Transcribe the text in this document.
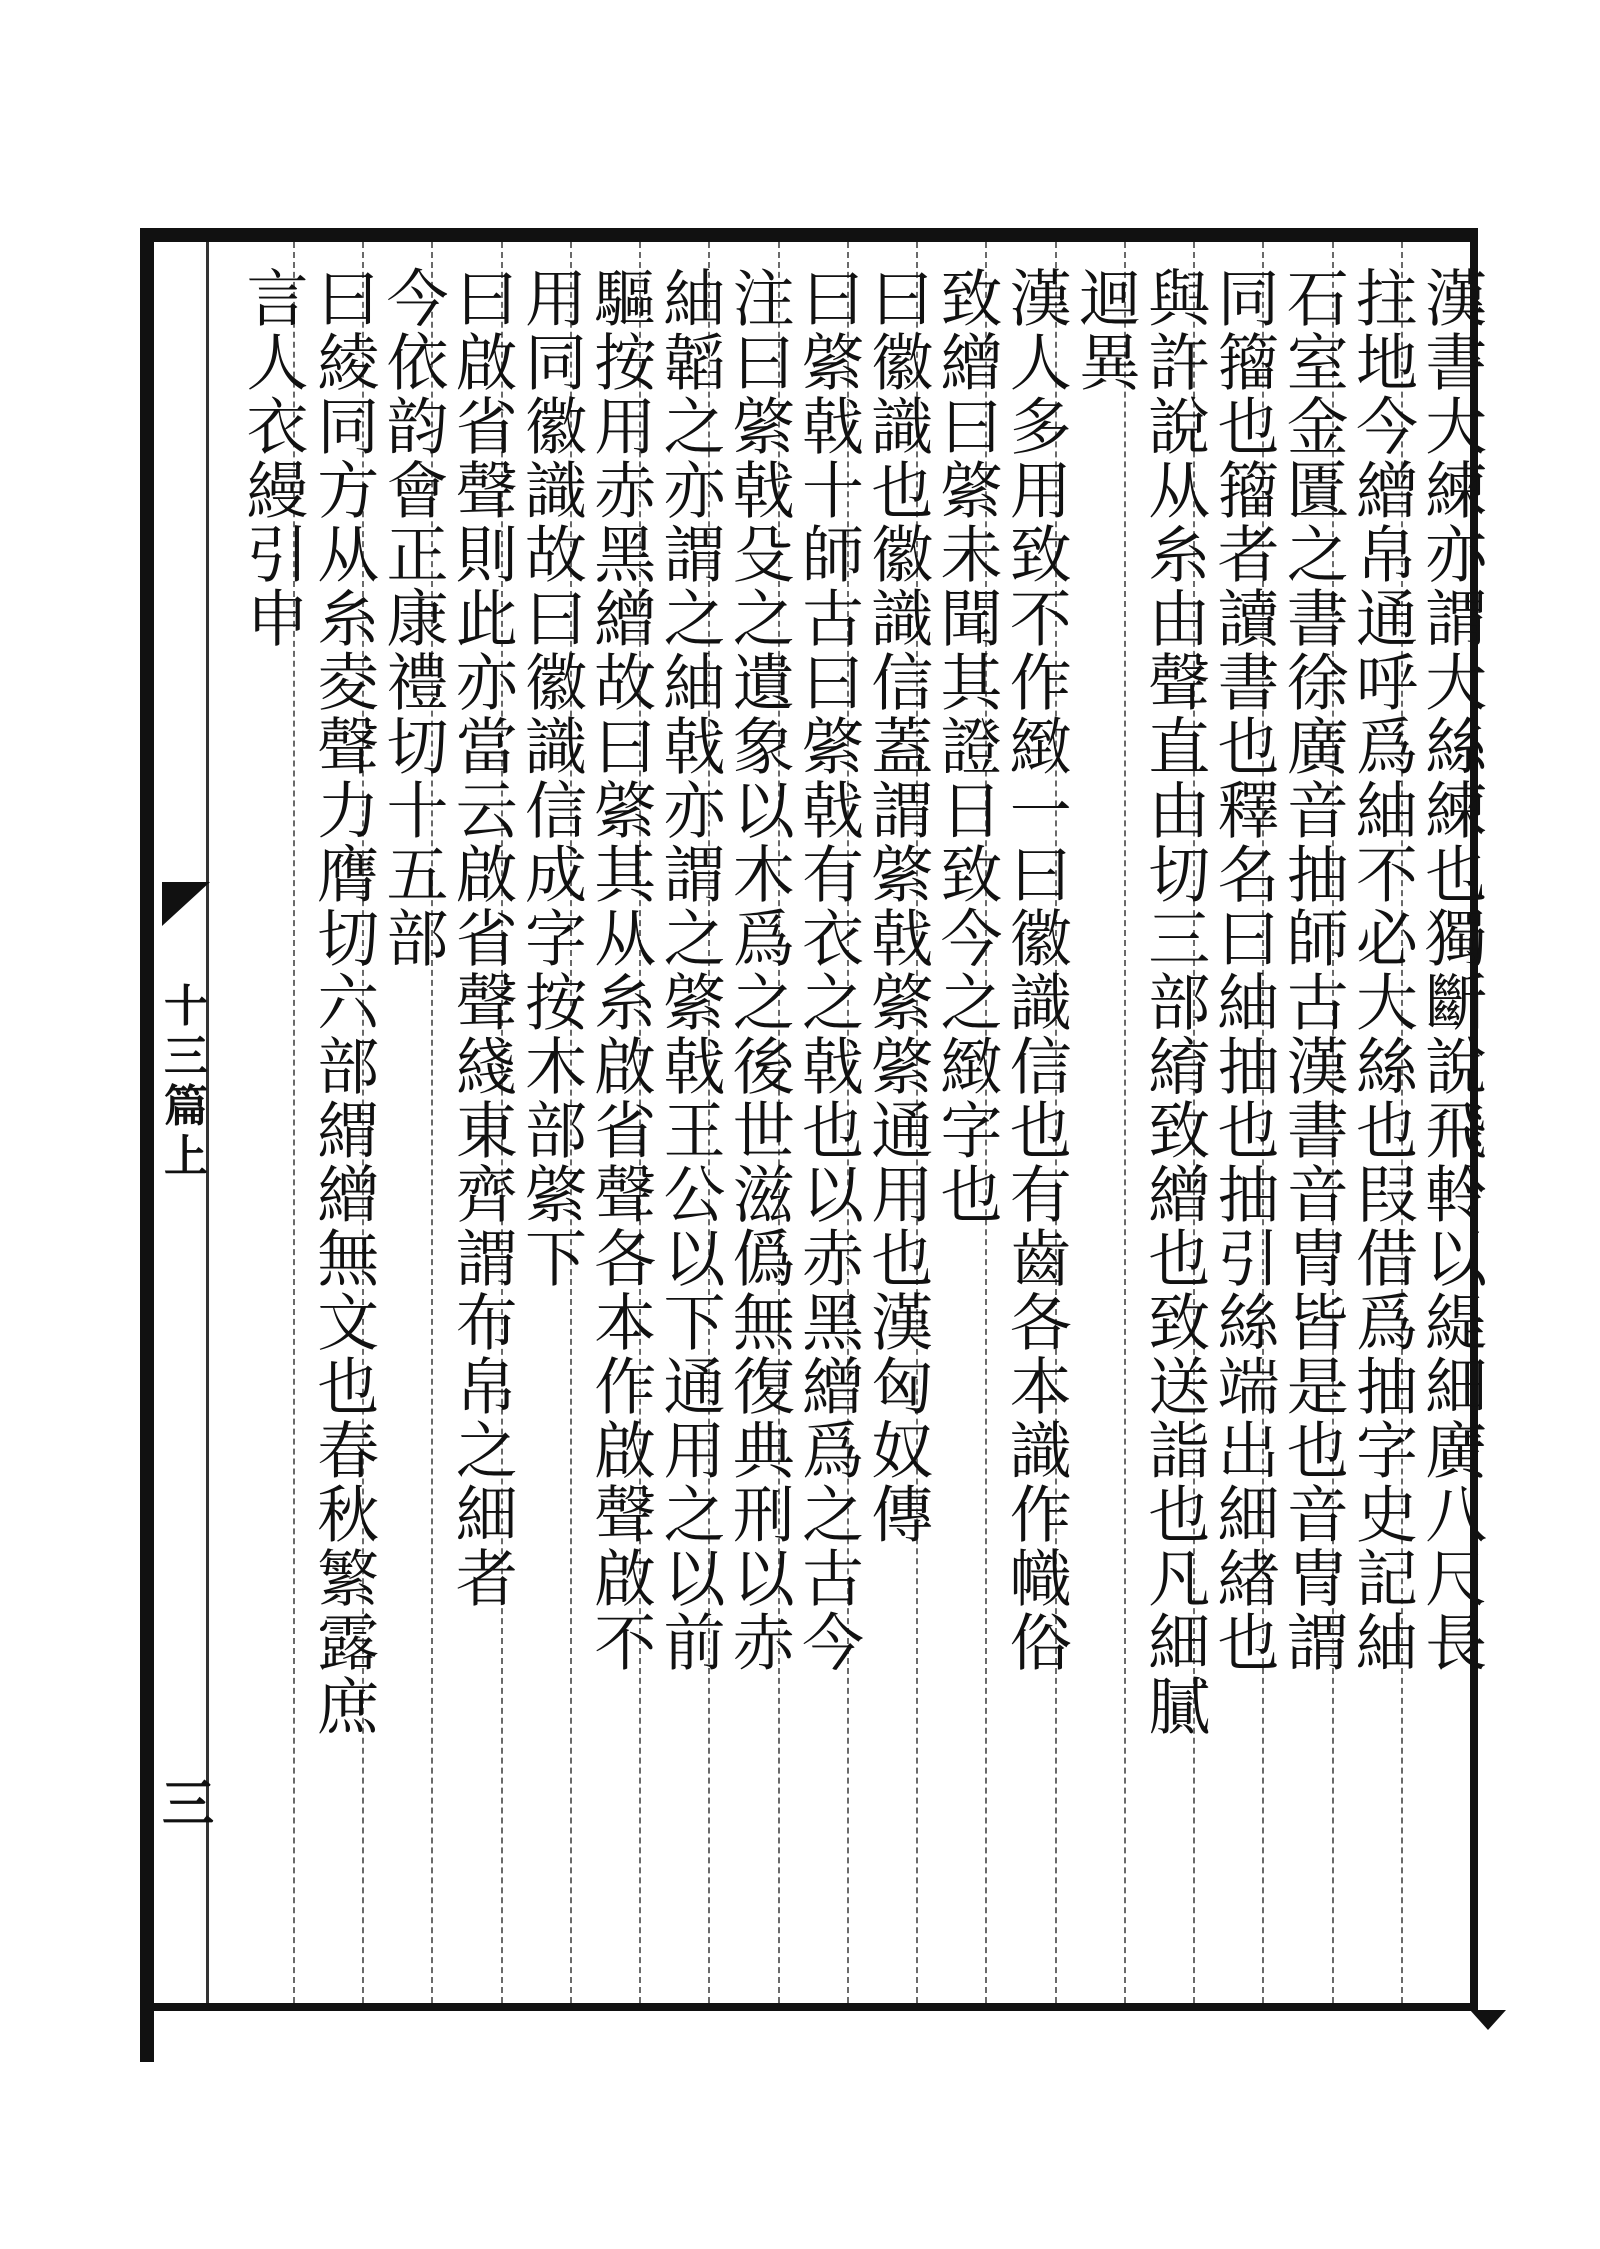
十三篇上
三
漢書大練亦謂大絲練也獨斷說飛軨以緹細廣八尺長
拄地今繒帛通呼爲紬不必大絲也叚借爲抽字史記紬
石室金匱之書徐廣音抽師古漢書音冑皆是也音冑謂
同籀也籀者讀書也釋名曰紬抽也抽引絲端出細緖也
與許說从糸由聲直由切三部䋭致繒也致送詣也凡細膩
迴異
漢人多用致不作緻一曰徽識信也有齒各本識作幟俗
致繒曰綮未聞其證日致今之緻字也
曰徽識也徽識信蓋謂綮戟綮綮通用也漢匈奴傳
曰綮戟十師古曰綮戟有衣之戟也以赤黑繒爲之古今
注曰綮戟殳之遺象以木爲之後世滋僞無復典刑以赤
紬韜之亦謂之紬戟亦謂之綮戟王公以下通用之以前
驅按用赤黑繒故曰綮其从糸啟省聲各本作啟聲啟不
用同徽識故曰徽識信成字按木部綮下
曰啟省聲則此亦當云啟省聲綫東齊謂布帛之細者
今依韵會正康禮切十五部
曰綾同方从糸夌聲力膺切六部緭繒無文也春秋繁露庶
言人衣縵引申
